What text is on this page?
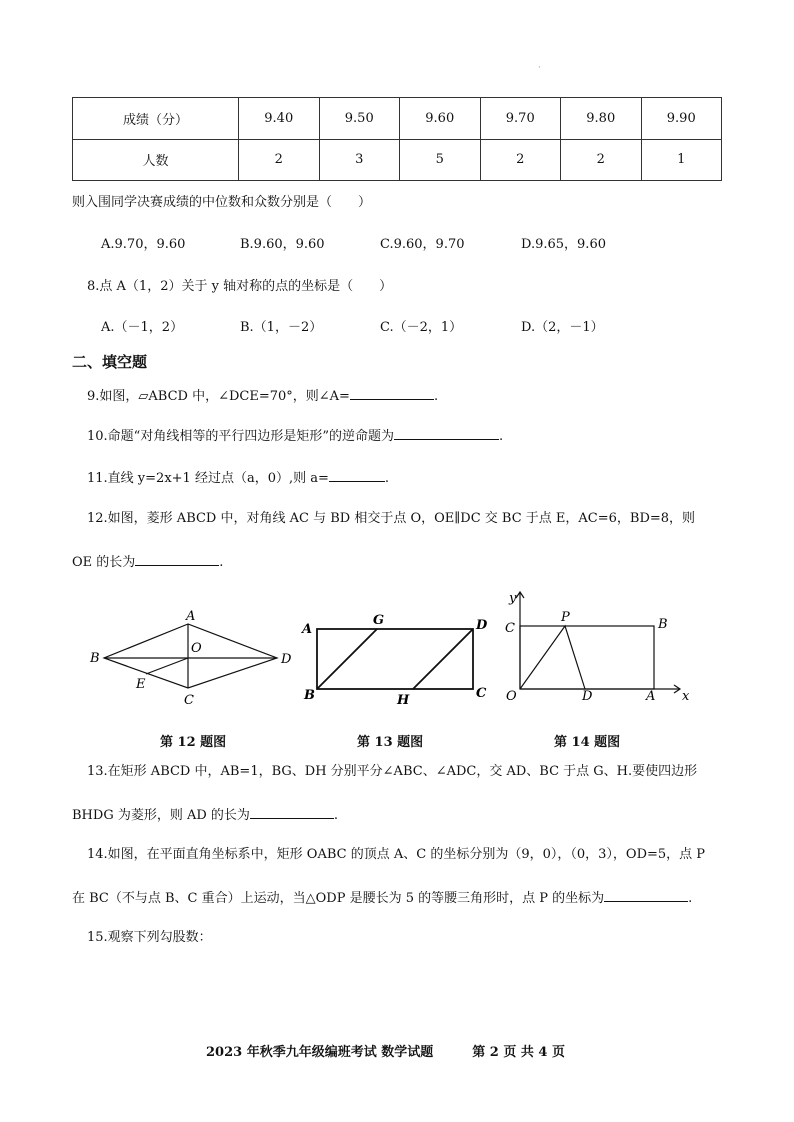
·
成绩（分）	9.40	9.50	9.60	9.70	9.80	9.90
人数	2	3	5	2	2	1
则入围同学决赛成绩的中位数和众数分别是（　　）
A.9.70，9.60	B.9.60，9.60	C.9.60，9.70	D.9.65，9.60
8.点 A（1，2）关于 y 轴对称的点的坐标是（　　）
A.（－1，2）	B.（1，－2）	C.（－2，1）	D.（2，－1）
二、填空题
9.如图，▱ABCD 中，∠DCE=70°，则∠A=	.
10.命题“对角线相等的平行四边形是矩形”的逆命题为	.
11.直线 y=2x+1 经过点（a，0）,则 a=	.
12.如图，菱形 ABCD 中，对角线 AC 与 BD 相交于点 O，OE∥DC 交 BC 于点 E，AC=6，BD=8，则
OE 的长为	.
A
B
C
D
O
E
A
G	D
B	H	C
y
C
P	B
O	D	A x
第 12 题图	第 13 题图	第 14 题图
13.在矩形 ABCD 中，AB=1，BG、DH 分别平分∠ABC、∠ADC，交 AD、BC 于点 G、H.要使四边形
BHDG 为菱形，则 AD 的长为	.
14.如图，在平面直角坐标系中，矩形 OABC 的顶点 A、C 的坐标分别为（9，0），（0，3），OD=5，点 P
在 BC（不与点 B、C 重合）上运动，当△ODP 是腰长为 5 的等腰三角形时，点 P 的坐标为	.
15.观察下列勾股数：
2023 年秋季九年级编班考试 数学试题　　　第 2 页 共 4 页
